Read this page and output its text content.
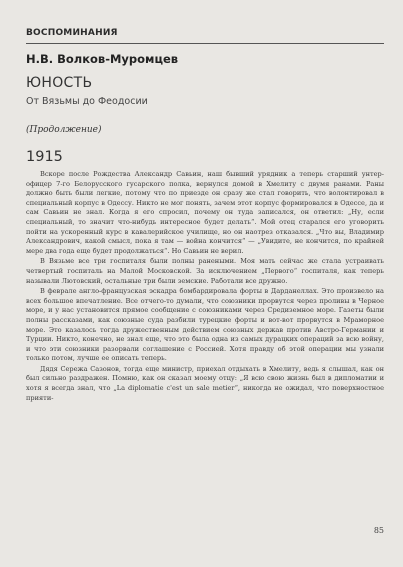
ВОСПОМИНАНИЯ
Н.В. Волков-Муромцев
ЮНОСТЬ
От Вязьмы до Феодосии
(Продолжение)
1915

Вскоре после Рождества Александр Савьин, наш бывший урядник а теперь старший унтер-офицер 7-го Белорусского гусарского полка, вернулся домой в Хмелиту с двумя ранами. Раны должно быть были легкие, потому что по приезде он сразу же стал говорить, что волонтировал в специальный корпус в Одессу. Никто не мог понять, зачем этот корпус формировался в Одессе, да и сам Савьин не знал. Когда я его спросил, почему он туда записался, он ответил: „Ну, если специальный, то значит что-нибудь интересное будет делать“. Мой отец старался его уговорить пойти на ускоренный курс в кавалерийское училище, но он наотрез отказался. „Что вы, Владимир Александрович, какой смысл, пока я там — война кончится“ — „Увидите, не кончится, по крайней мере два года еще будет продолжаться“. Но Савьин не верил.

В Вязьме все три госпиталя были полны ранеными. Моя мать сейчас же стала устраивать четвертый госпиталь на Малой Московской. За исключением „Первого“ госпиталя, как теперь называли Лютовский, остальные три были земские. Работали все дружно.

В феврале англо-французская эскадра бомбардировала форты в Дарданеллах. Это произвело на всех большое впечатление. Все отчего-то думали, что союзники прорвутся через проливы в Черное море, и у нас установится прямое сообщение с союзниками через Средиземное море. Газеты были полны рассказами, как союзные суда разбили турецкие форты и вот-вот прорвутся в Мраморное море. Это казалось тогда дружественным действием союзных держав против Австро-Германии и Турции. Никто, конечно, не знал еще, что это была одна из самых дурацких операций за всю войну, и что эти союзники разорвали соглашение с Россией. Хотя правду об этой операции мы узнали только потом, лучше ее описать теперь.

Дядя Сережа Сазонов, тогда еще министр, приехал отдыхать в Хмелиту, ведь я слышал, как он был сильно раздражен. Помню, как он сказал моему отцу: „Я всю свою жизнь был в дипломатии и хотя я всегда знал, что „La diplomatie c'est un sale metier“, никогда не ожидал, что поверхностное прияти-

85
